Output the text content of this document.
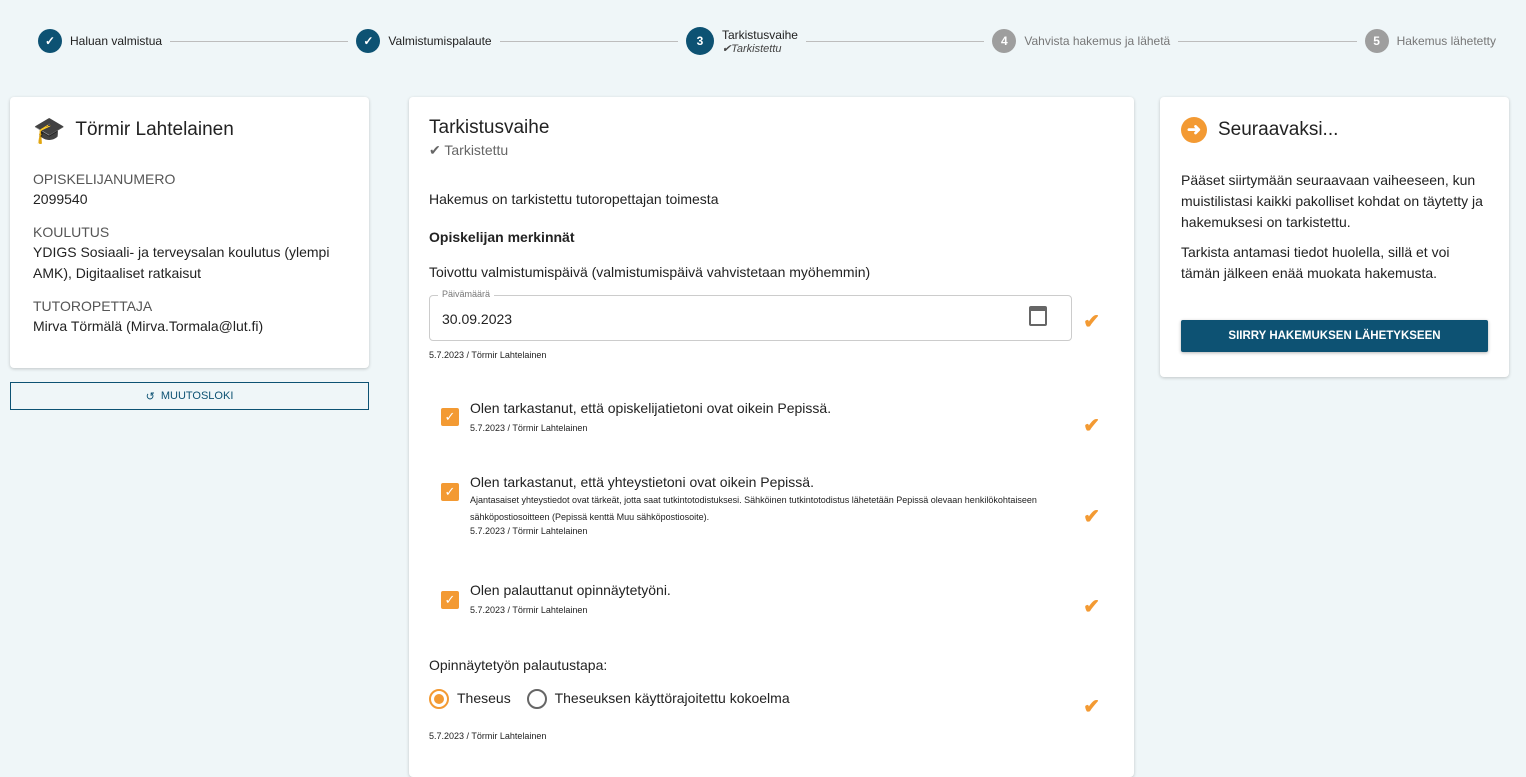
✓	Haluan valmistua	✓	Valmistumispalaute	3	Tarkistusvaihe
✔Tarkistettu
4	Vahvista hakemus ja lähetä	5	Hakemus lähetetty
🎓 Törmir Lahtelainen
OPISKELIJANUMERO
2099540
KOULUTUS
YDIGS Sosiaali- ja terveysalan koulutus (ylempi AMK), Digitaaliset ratkaisut
TUTOROPETTAJA
Mirva Törmälä (Mirva.Tormala@lut.fi)
↺ MUUTOSLOKI
Tarkistusvaihe
✔ Tarkistettu
Hakemus on tarkistettu tutoropettajan toimesta
Opiskelijan merkinnät
Toivottu valmistumispäivä (valmistumispäivä vahvistetaan myöhemmin)
Päivämäärä
30.09.2023	✔
5.7.2023 / Törmir Lahtelainen
✓
Olen tarkastanut, että opiskelijatietoni ovat oikein Pepissä.
5.7.2023 / Törmir Lahtelainen	✔
✓
Olen tarkastanut, että yhteystietoni ovat oikein Pepissä.
Ajantasaiset yhteystiedot ovat tärkeät, jotta saat tutkintotodistuksesi. Sähköinen tutkintotodistus lähetetään Pepissä olevaan henkilökohtaiseen sähköpostiosoitteen (Pepissä kenttä Muu sähköpostiosoite).
5.7.2023 / Törmir Lahtelainen
✔
✓
Olen palauttanut opinnäytetyöni.
5.7.2023 / Törmir Lahtelainen	✔
Opinnäytetyön palautustapa:
Theseus	Theseuksen käyttörajoitettu kokoelma	✔
5.7.2023 / Törmir Lahtelainen
➜ Seuraavaksi...

Pääset siirtymään seuraavaan vaiheeseen, kun muistilistasi kaikki pakolliset kohdat on täytetty ja hakemuksesi on tarkistettu.

Tarkista antamasi tiedot huolella, sillä et voi tämän jälkeen enää muokata hakemusta.

SIIRRY HAKEMUKSEN LÄHETYKSEEN
